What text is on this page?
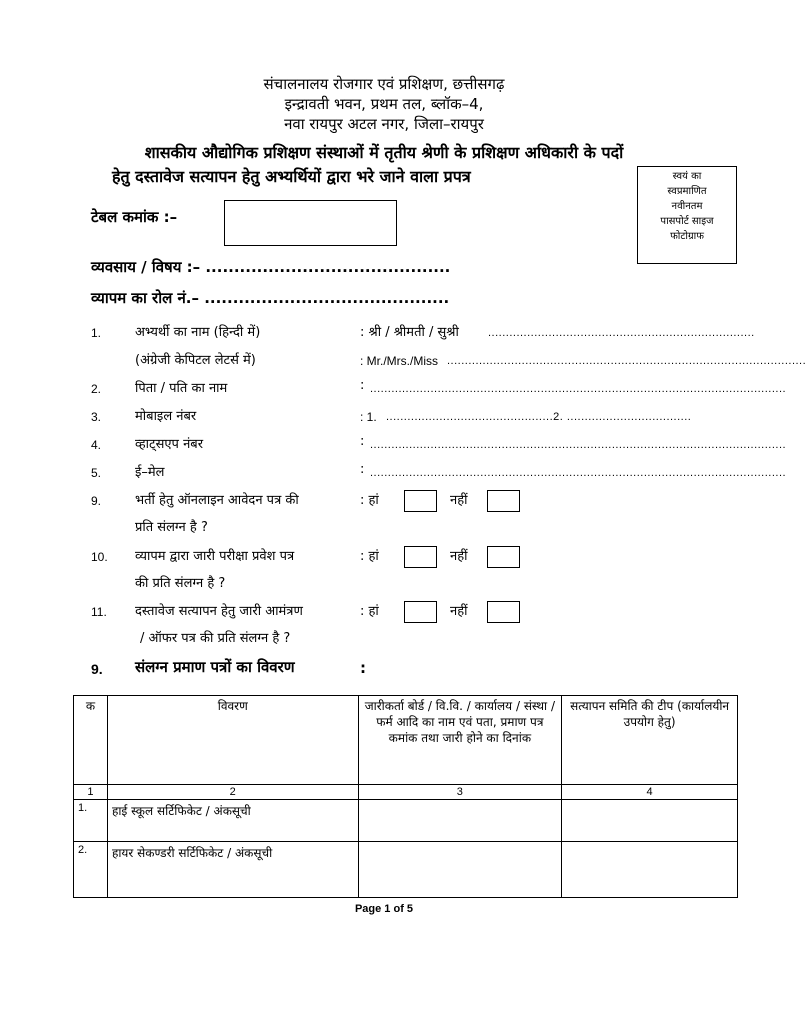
संचालनालय रोजगार एवं प्रशिक्षण, छत्तीसगढ़
इन्द्रावती भवन, प्रथम तल, ब्लॉक–4,
नवा रायपुर अटल नगर, जिला–रायपुर
शासकीय औद्योगिक प्रशिक्षण संस्थाओं में तृतीय श्रेणी के प्रशिक्षण अधिकारी के पदों
हेतु दस्तावेज सत्यापन हेतु अभ्यर्थियों द्वारा भरे जाने वाला प्रपत्र	स्वयं का
स्वप्रमाणित
नवीनतम
पासपोर्ट साइज
फोटोग्राफ
टेबल कमांक :–
व्यवसाय / विषय :– ...........................................
व्यापम का रोल नं.– ...........................................
1.	अभ्यर्थी का नाम (हिन्दी में)	: श्री / श्रीमती / सुश्री	...........................................................................
(अंग्रेजी केपिटल लेटर्स में)	: Mr./Mrs./Miss .....................................................................................................
2.	पिता / पति का नाम	: .....................................................................................................................
3.	मोबाइल नंबर	: 1. ...............................................2. ...................................
4.	व्हाट्सएप नंबर	: .....................................................................................................................
5.	ई–मेल	: .....................................................................................................................
9.	भर्ती हेतु ऑनलाइन आवेदन पत्र की
प्रति संलग्न है ?
: हां	नहीं
10. व्यापम द्वारा जारी परीक्षा प्रवेश पत्र
की प्रति संलग्न है ?
: हां	नहीं
11. दस्तावेज सत्यापन हेतु जारी आमंत्रण
/ ऑफर पत्र की प्रति संलग्न है ?
: हां	नहीं
9. संलग्न प्रमाण पत्रों का विवरण	:
क	विवरण	जारीकर्ता बोर्ड / वि.वि. / कार्यालय / संस्था / फर्म आदि का नाम एवं पता, प्रमाण पत्र कमांक तथा जारी होने का दिनांक	सत्यापन समिति की टीप (कार्यालयीन उपयोग हेतु)
1	2	3	4
1.	हाई स्कूल सर्टिफिकेट / अंकसूची		
2.	हायर सेकण्डरी सर्टिफिकेट / अंकसूची		
Page 1 of 5
